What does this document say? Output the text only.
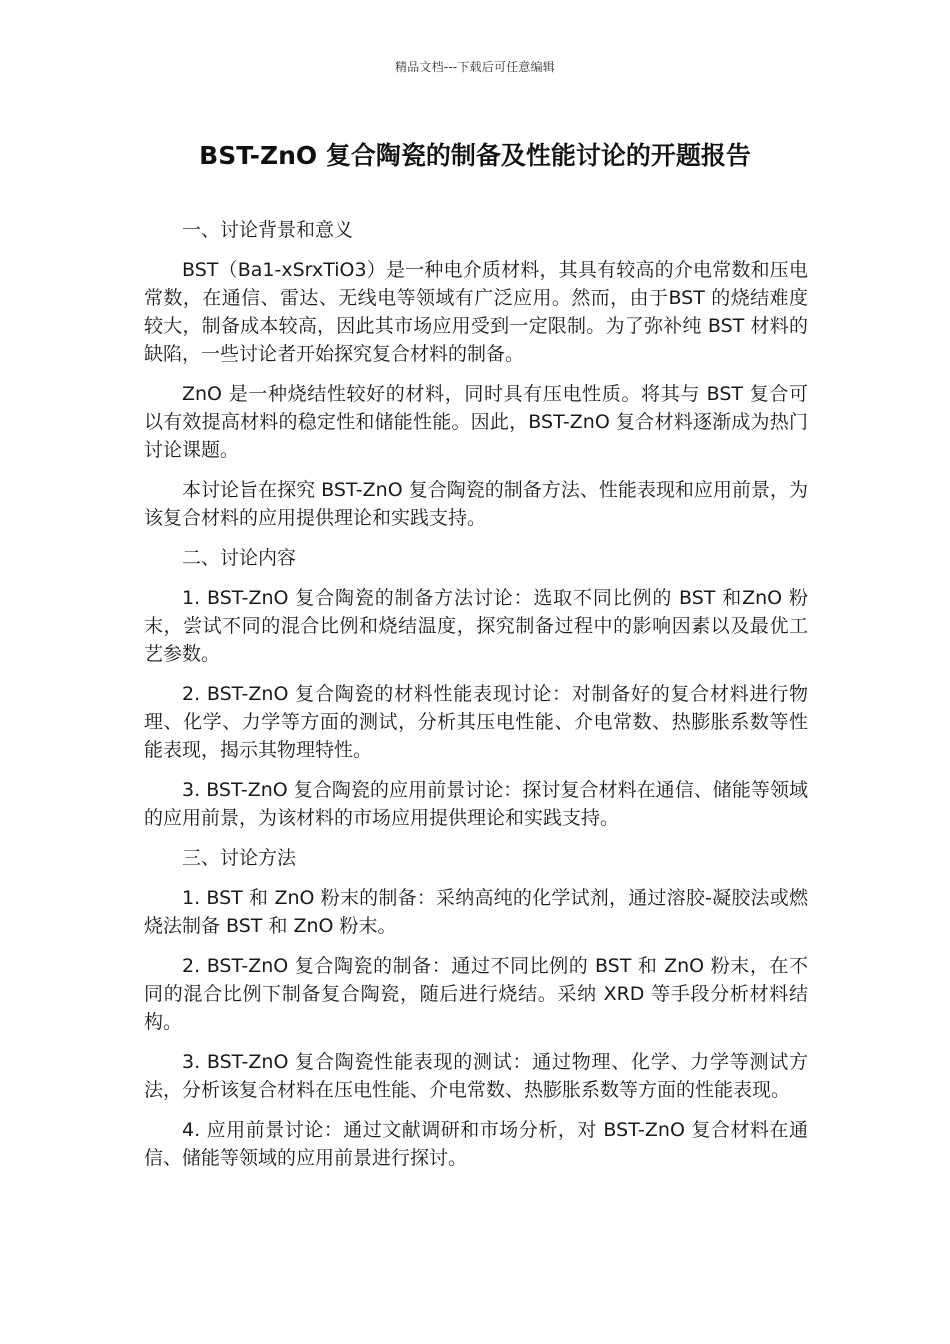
精品文档---下载后可任意编辑
BST-ZnO 复合陶瓷的制备及性能讨论的开题报告

一、讨论背景和意义

BST（Ba1-xSrxTiO3）是一种电介质材料，其具有较高的介电常数和压电常数，在通信、雷达、无线电等领域有广泛应用。然而，由于BST 的烧结难度较大，制备成本较高，因此其市场应用受到一定限制。为了弥补纯 BST 材料的缺陷，一些讨论者开始探究复合材料的制备。

ZnO 是一种烧结性较好的材料，同时具有压电性质。将其与 BST 复合可以有效提高材料的稳定性和储能性能。因此，BST-ZnO 复合材料逐渐成为热门讨论课题。

本讨论旨在探究 BST-ZnO 复合陶瓷的制备方法、性能表现和应用前景，为该复合材料的应用提供理论和实践支持。

二、讨论内容

1. BST-ZnO 复合陶瓷的制备方法讨论：选取不同比例的 BST 和ZnO 粉末，尝试不同的混合比例和烧结温度，探究制备过程中的影响因素以及最优工艺参数。

2. BST-ZnO 复合陶瓷的材料性能表现讨论：对制备好的复合材料进行物理、化学、力学等方面的测试，分析其压电性能、介电常数、热膨胀系数等性能表现，揭示其物理特性。

3. BST-ZnO 复合陶瓷的应用前景讨论：探讨复合材料在通信、储能等领域的应用前景，为该材料的市场应用提供理论和实践支持。

三、讨论方法

1. BST 和 ZnO 粉末的制备：采纳高纯的化学试剂，通过溶胶-凝胶法或燃烧法制备 BST 和 ZnO 粉末。

2. BST-ZnO 复合陶瓷的制备：通过不同比例的 BST 和 ZnO 粉末，在不同的混合比例下制备复合陶瓷，随后进行烧结。采纳 XRD 等手段分析材料结构。

3. BST-ZnO 复合陶瓷性能表现的测试：通过物理、化学、力学等测试方法，分析该复合材料在压电性能、介电常数、热膨胀系数等方面的性能表现。

4. 应用前景讨论：通过文献调研和市场分析，对 BST-ZnO 复合材料在通信、储能等领域的应用前景进行探讨。
